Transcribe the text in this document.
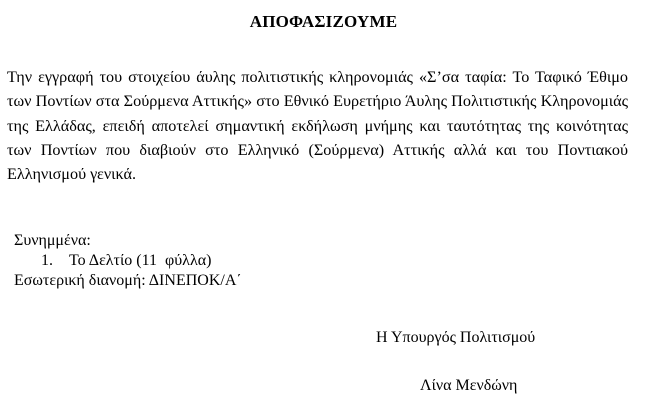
ΑΠΟΦΑΣΙΖΟΥΜΕ
Την εγγραφή του στοιχείου άυλης πολιτιστικής κληρονομιάς «Σ’σα ταφία: Το Ταφικό Έθιμο των Ποντίων στα Σούρμενα Αττικής» στο Εθνικό Ευρετήριο Άυλης Πολιτιστικής Κληρονομιάς της Ελλάδας, επειδή αποτελεί σημαντική εκδήλωση μνήμης και ταυτότητας της κοινότητας των Ποντίων που διαβιούν στο Ελληνικό (Σούρμενα) Αττικής αλλά και του Ποντιακού Ελληνισμού γενικά.
Συνημμένα:
1. Το Δελτίο (11  φύλλα)
Εσωτερική διανομή: ΔΙΝΕΠΟΚ/Α΄
Η Υπουργός Πολιτισμού
Λίνα Μενδώνη
